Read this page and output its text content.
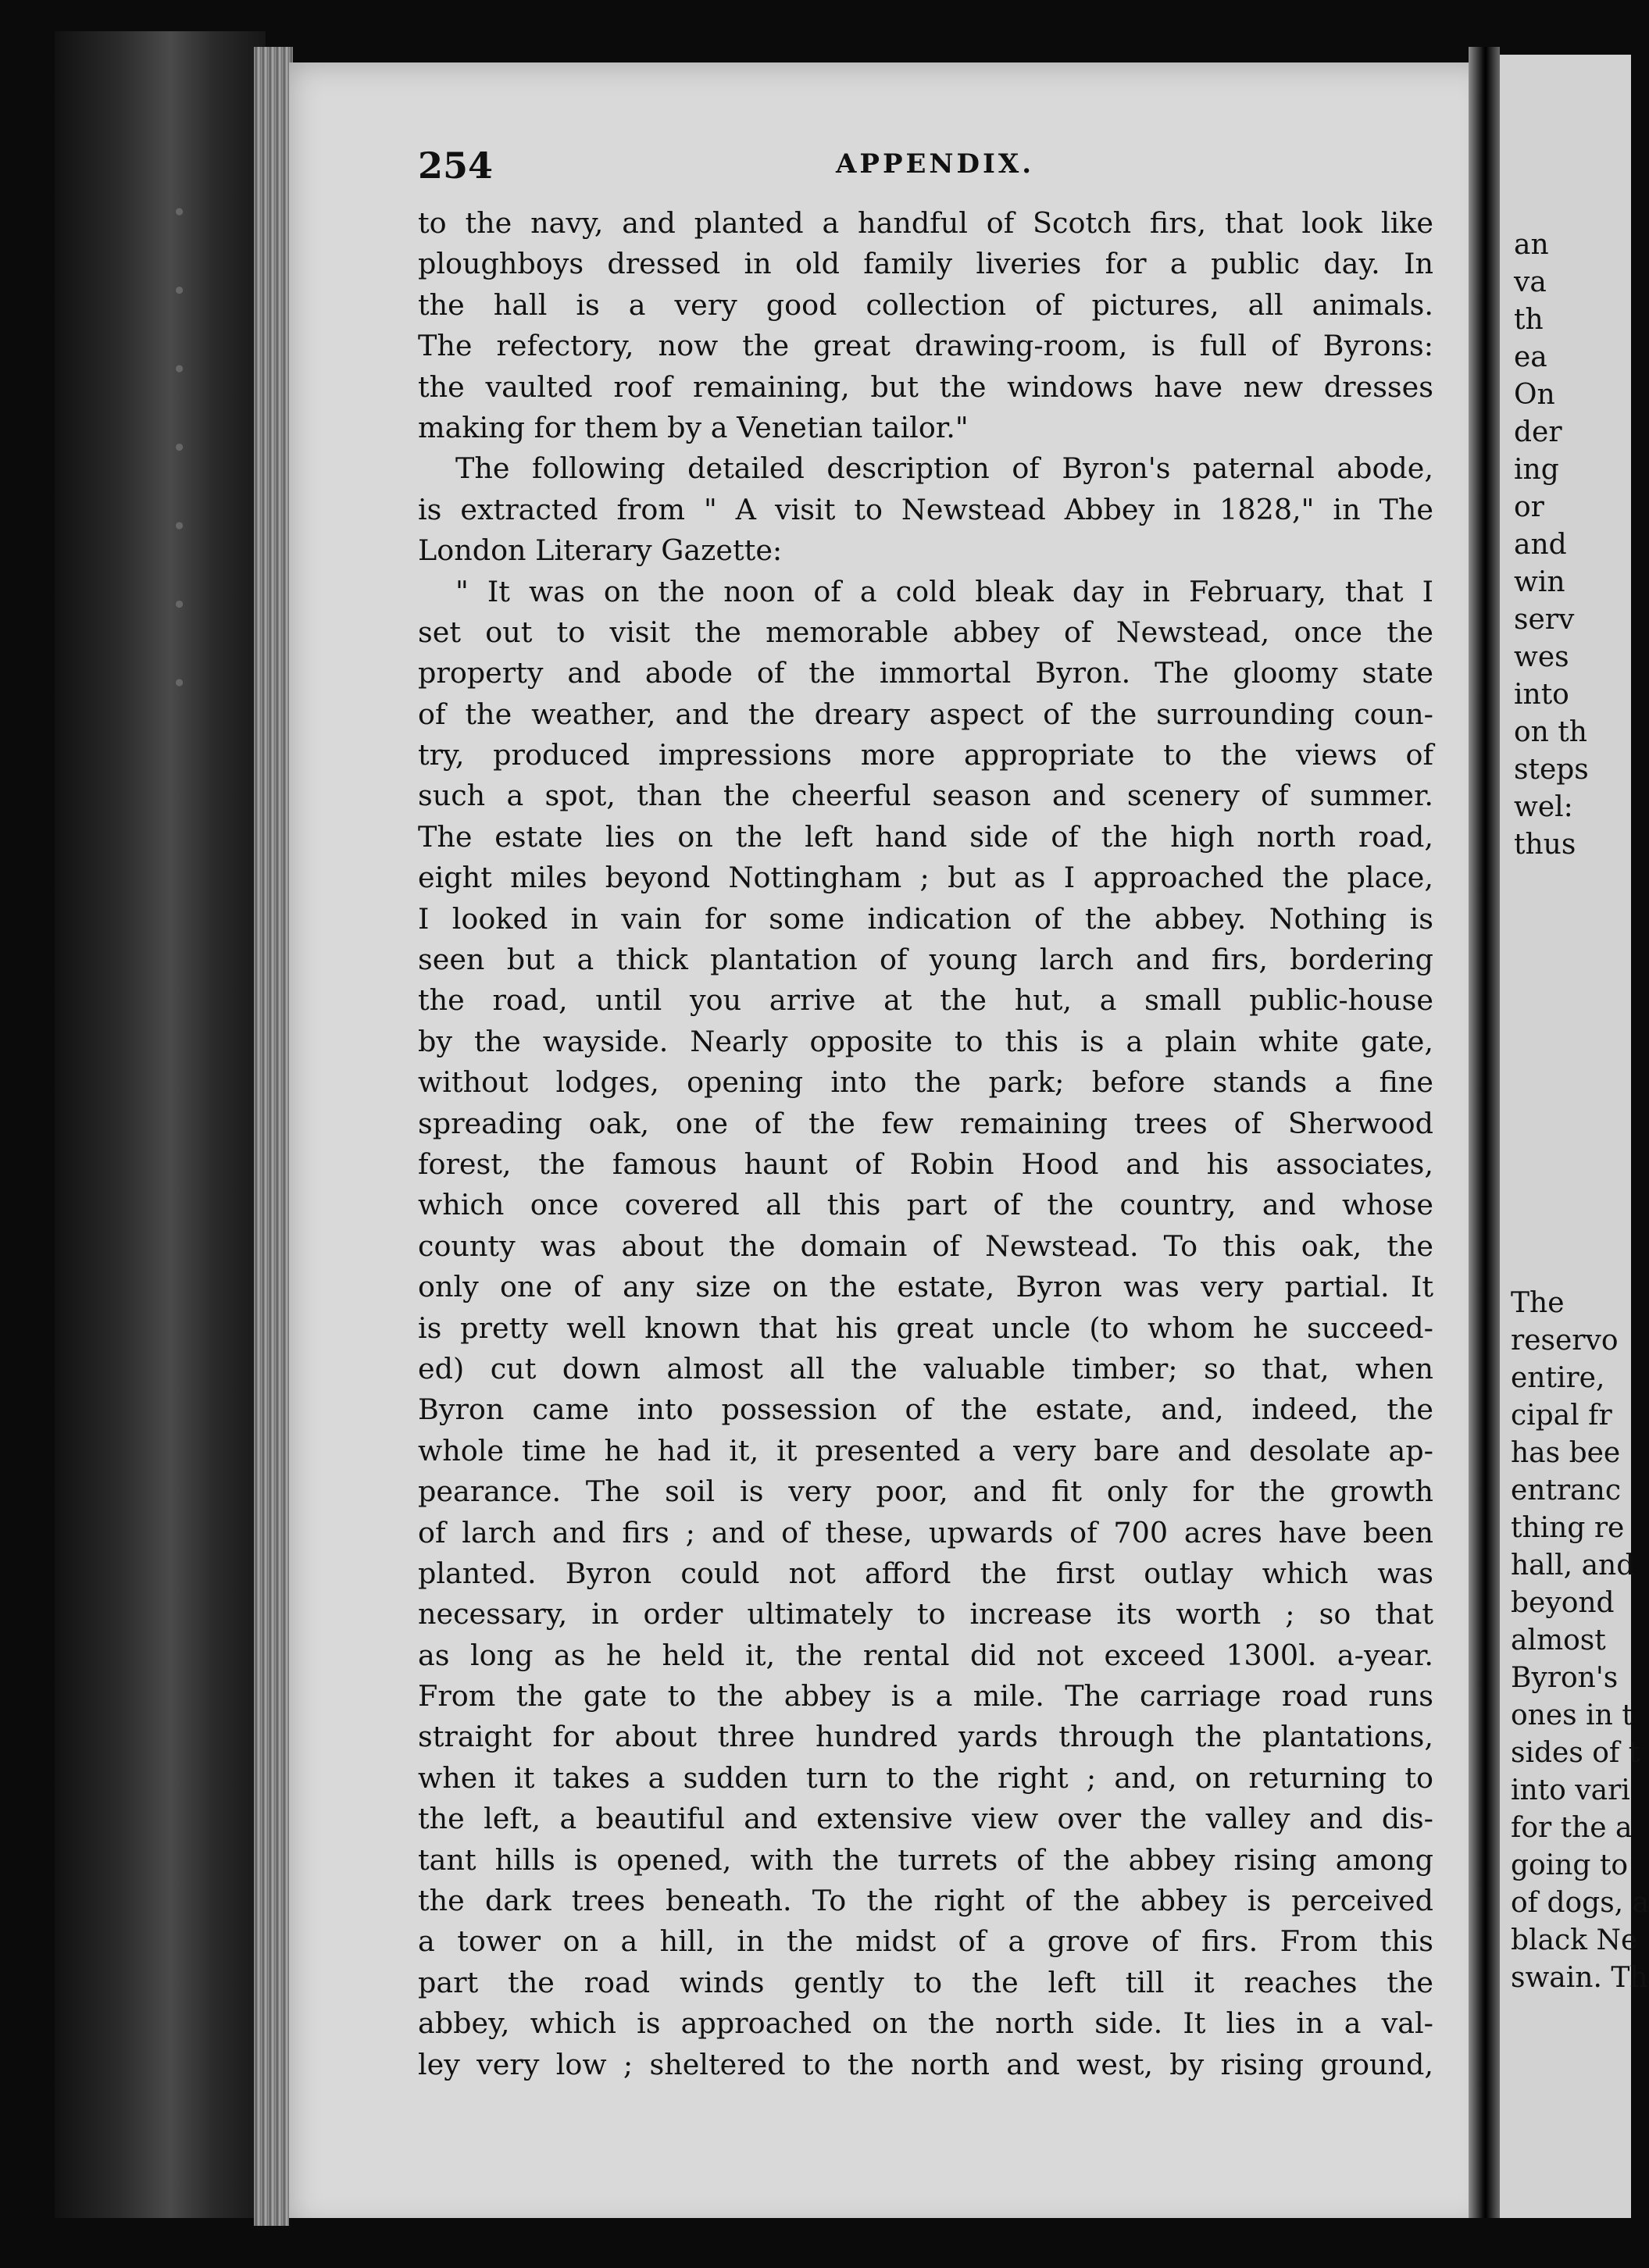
· · · · · · ·
254	APPENDIX.
to the navy, and planted a handful of Scotch firs, that look like
ploughboys dressed in old family liveries for a public day. In
the hall is a very good collection of pictures, all animals.
The refectory, now the great drawing-room, is full of Byrons:
the vaulted roof remaining, but the windows have new dresses
making for them by a Venetian tailor."
The following detailed description of Byron's paternal abode,
is extracted from " A visit to Newstead Abbey in 1828," in The
London Literary Gazette:
" It was on the noon of a cold bleak day in February, that I
set out to visit the memorable abbey of Newstead, once the
property and abode of the immortal Byron. The gloomy state
of the weather, and the dreary aspect of the surrounding coun-
try, produced impressions more appropriate to the views of
such a spot, than the cheerful season and scenery of summer.
The estate lies on the left hand side of the high north road,
eight miles beyond Nottingham ; but as I approached the place,
I looked in vain for some indication of the abbey. Nothing is
seen but a thick plantation of young larch and firs, bordering
the road, until you arrive at the hut, a small public-house
by the wayside. Nearly opposite to this is a plain white gate,
without lodges, opening into the park; before stands a fine
spreading oak, one of the few remaining trees of Sherwood
forest, the famous haunt of Robin Hood and his associates,
which once covered all this part of the country, and whose
county was about the domain of Newstead. To this oak, the
only one of any size on the estate, Byron was very partial. It
is pretty well known that his great uncle (to whom he succeed-
ed) cut down almost all the valuable timber; so that, when
Byron came into possession of the estate, and, indeed, the
whole time he had it, it presented a very bare and desolate ap-
pearance. The soil is very poor, and fit only for the growth
of larch and firs ; and of these, upwards of 700 acres have been
planted. Byron could not afford the first outlay which was
necessary, in order ultimately to increase its worth ; so that
as long as he held it, the rental did not exceed 1300l. a-year.
From the gate to the abbey is a mile. The carriage road runs
straight for about three hundred yards through the plantations,
when it takes a sudden turn to the right ; and, on returning to
the left, a beautiful and extensive view over the valley and dis-
tant hills is opened, with the turrets of the abbey rising among
the dark trees beneath. To the right of the abbey is perceived
a tower on a hill, in the midst of a grove of firs. From this
part the road winds gently to the left till it reaches the
abbey, which is approached on the north side. It lies in a val-
ley very low ; sheltered to the north and west, by rising ground,
an
va
th
ea
On
der
ing
or
and
win
serv
wes
into
on th
steps
wel:
thus
The
reservo
entire,
cipal fr
has bee
entranc
thing re
hall, and
beyond
almost
Byron's
ones in t
sides of t
into vari
for the a
going to
of dogs, a
black Ne
swain. Th
